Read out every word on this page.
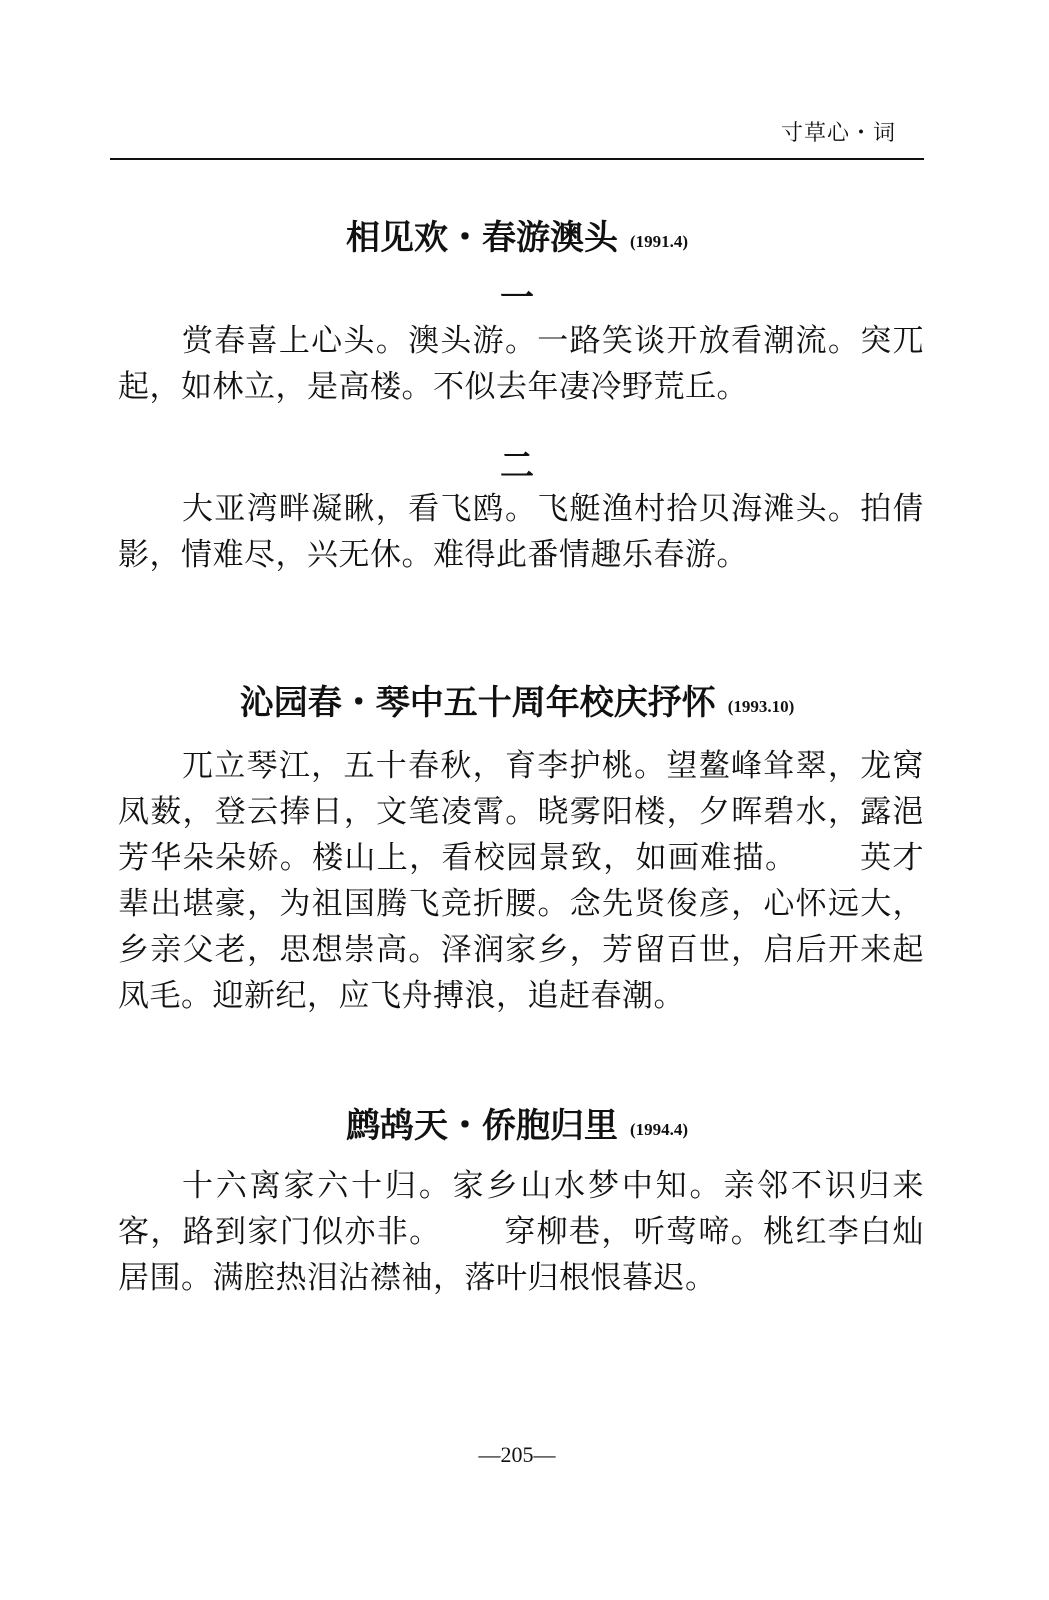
寸草心・词
相见欢・春游澳头 (1991.4)
一
赏春喜上心头。澳头游。一路笑谈开放看潮流。突兀起，如林立，是高楼。不似去年凄冷野荒丘。
二
大亚湾畔凝瞅，看飞鸥。飞艇渔村拾贝海滩头。拍倩影，情难尽，兴无休。难得此番情趣乐春游。
沁园春・琴中五十周年校庆抒怀 (1993.10)
兀立琴江，五十春秋，育李护桃。望鳌峰耸翠，龙窝凤薮，登云捧日，文笔凌霄。晓雾阳楼，夕晖碧水，露浥芳华朵朵娇。楼山上，看校园景致，如画难描。 英才辈出堪豪，为祖国腾飞竞折腰。念先贤俊彦，心怀远大，乡亲父老，思想崇高。泽润家乡，芳留百世，启后开来起凤毛。迎新纪，应飞舟搏浪，追赶春潮。
鹧鸪天・侨胞归里 (1994.4)
十六离家六十归。家乡山水梦中知。亲邻不识归来客，路到家门似亦非。 穿柳巷，听莺啼。桃红李白灿居围。满腔热泪沾襟袖，落叶归根恨暮迟。
—205—
